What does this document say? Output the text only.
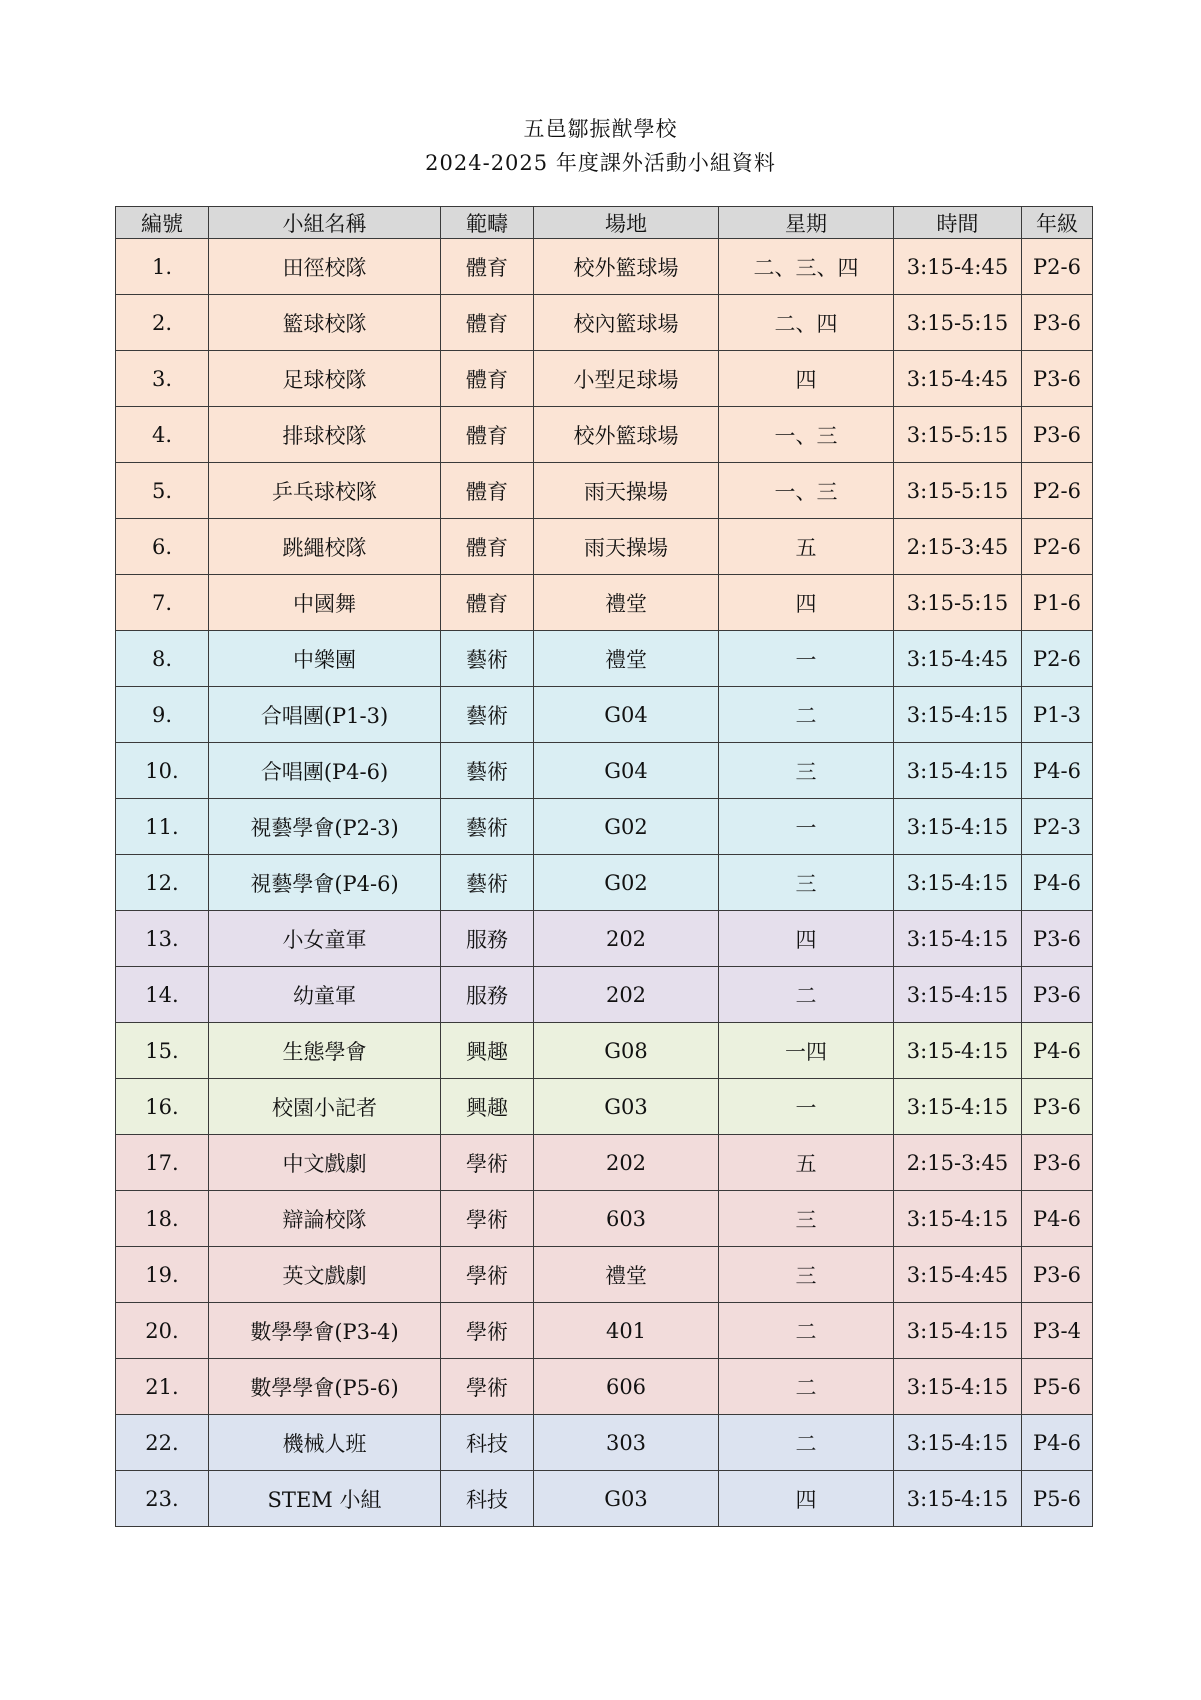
五邑鄒振猷學校
2024-2025 年度課外活動小組資料
編號	小組名稱	範疇	場地	星期	時間	年級
1.	田徑校隊	體育	校外籃球場	二、三、四	3:15-4:45	P2-6
2.	籃球校隊	體育	校內籃球場	二、四	3:15-5:15	P3-6
3.	足球校隊	體育	小型足球場	四	3:15-4:45	P3-6
4.	排球校隊	體育	校外籃球場	一、三	3:15-5:15	P3-6
5.	乒乓球校隊	體育	雨天操場	一、三	3:15-5:15	P2-6
6.	跳繩校隊	體育	雨天操場	五	2:15-3:45	P2-6
7.	中國舞	體育	禮堂	四	3:15-5:15	P1-6
8.	中樂團	藝術	禮堂	一	3:15-4:45	P2-6
9.	合唱團(P1-3)	藝術	G04	二	3:15-4:15	P1-3
10.	合唱團(P4-6)	藝術	G04	三	3:15-4:15	P4-6
11.	視藝學會(P2-3)	藝術	G02	一	3:15-4:15	P2-3
12.	視藝學會(P4-6)	藝術	G02	三	3:15-4:15	P4-6
13.	小女童軍	服務	202	四	3:15-4:15	P3-6
14.	幼童軍	服務	202	二	3:15-4:15	P3-6
15.	生態學會	興趣	G08	一四	3:15-4:15	P4-6
16.	校園小記者	興趣	G03	一	3:15-4:15	P3-6
17.	中文戲劇	學術	202	五	2:15-3:45	P3-6
18.	辯論校隊	學術	603	三	3:15-4:15	P4-6
19.	英文戲劇	學術	禮堂	三	3:15-4:45	P3-6
20.	數學學會(P3-4)	學術	401	二	3:15-4:15	P3-4
21.	數學學會(P5-6)	學術	606	二	3:15-4:15	P5-6
22.	機械人班	科技	303	二	3:15-4:15	P4-6
23.	STEM 小組	科技	G03	四	3:15-4:15	P5-6
